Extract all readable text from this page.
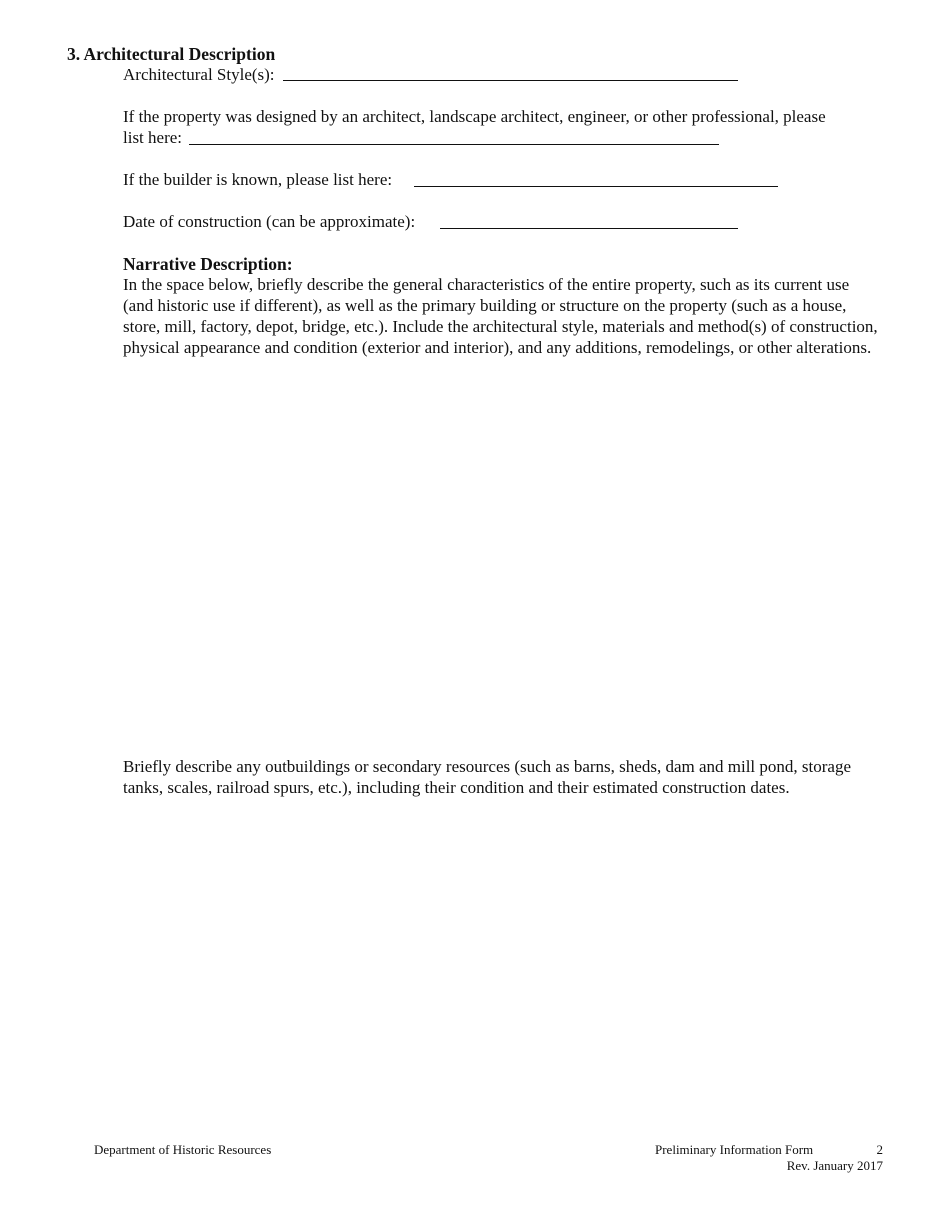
3. Architectural Description
Architectural Style(s):
If the property was designed by an architect, landscape architect, engineer, or other professional, please
list here:
If the builder is known, please list here:
Date of construction (can be approximate):
Narrative Description:

In the space below, briefly describe the general characteristics of the entire property, such as its current use (and historic use if different), as well as the primary building or structure on the property (such as a house, store, mill, factory, depot, bridge, etc.). Include the architectural style, materials and method(s) of construction, physical appearance and condition (exterior and interior), and any additions, remodelings, or other alterations.

Briefly describe any outbuildings or secondary resources (such as barns, sheds, dam and mill pond, storage tanks, scales, railroad spurs, etc.), including their condition and their estimated construction dates.

Department of Historic Resources	Preliminary Information Form	2
Rev. January 2017
